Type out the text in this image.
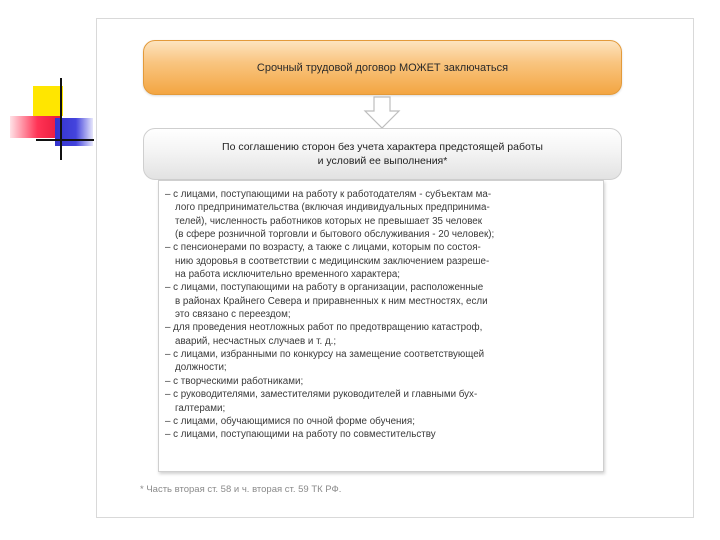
Срочный трудовой договор МОЖЕТ заключаться
По соглашению сторон без учета характера предстоящей работы
и условий ее выполнения*
– с лицами, поступающими на работу к работодателям - субъектам ма-
лого предпринимательства (включая индивидуальных предпринима-
телей), численность работников которых не превышает 35 человек
(в сфере розничной торговли и бытового обслуживания - 20 человек);
– с пенсионерами по возрасту, а также с лицами, которым по состоя-
нию здоровья в соответствии с медицинским заключением разреше-
на работа исключительно временного характера;
– с лицами, поступающими на работу в организации, расположенные
в районах Крайнего Севера и приравненных к ним местностях, если
это связано с переездом;
– для проведения неотложных работ по предотвращению катастроф,
аварий, несчастных случаев и т. д.;
– с лицами, избранными по конкурсу на замещение соответствующей
должности;
– с творческими работниками;
– с руководителями, заместителями руководителей и главными бух-
галтерами;
– с лицами, обучающимися по очной форме обучения;
– с лицами, поступающими на работу по совместительству
* Часть вторая ст. 58 и ч. вторая ст. 59 ТК РФ.
